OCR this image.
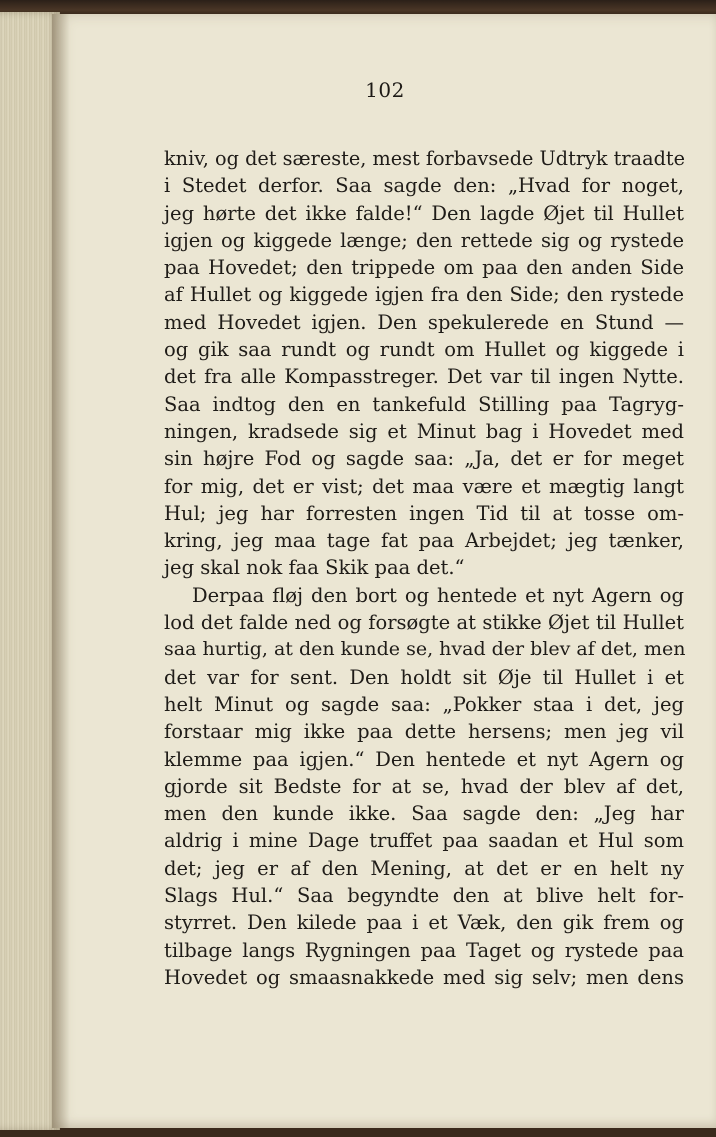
102
kniv, og det særeste, mest forbavsede Udtryk traadte
i Stedet derfor. Saa sagde den: „Hvad for noget,
jeg hørte det ikke falde!“ Den lagde Øjet til Hullet
igjen og kiggede længe; den rettede sig og rystede
paa Hovedet; den trippede om paa den anden Side
af Hullet og kiggede igjen fra den Side; den rystede
med Hovedet igjen. Den spekulerede en Stund —
og gik saa rundt og rundt om Hullet og kiggede i
det fra alle Kompasstreger. Det var til ingen Nytte.
Saa indtog den en tankefuld Stilling paa Tagryg-
ningen, kradsede sig et Minut bag i Hovedet med
sin højre Fod og sagde saa: „Ja, det er for meget
for mig, det er vist; det maa være et mægtig langt
Hul; jeg har forresten ingen Tid til at tosse om-
kring, jeg maa tage fat paa Arbejdet; jeg tænker,
jeg skal nok faa Skik paa det.“
Derpaa fløj den bort og hentede et nyt Agern og
lod det falde ned og forsøgte at stikke Øjet til Hullet
saa hurtig, at den kunde se, hvad der blev af det, men
det var for sent. Den holdt sit Øje til Hullet i et
helt Minut og sagde saa: „Pokker staa i det, jeg
forstaar mig ikke paa dette hersens; men jeg vil
klemme paa igjen.“ Den hentede et nyt Agern og
gjorde sit Bedste for at se, hvad der blev af det,
men den kunde ikke. Saa sagde den: „Jeg har
aldrig i mine Dage truffet paa saadan et Hul som
det; jeg er af den Mening, at det er en helt ny
Slags Hul.“ Saa begyndte den at blive helt for-
styrret. Den kilede paa i et Væk, den gik frem og
tilbage langs Rygningen paa Taget og rystede paa
Hovedet og smaasnakkede med sig selv; men dens
